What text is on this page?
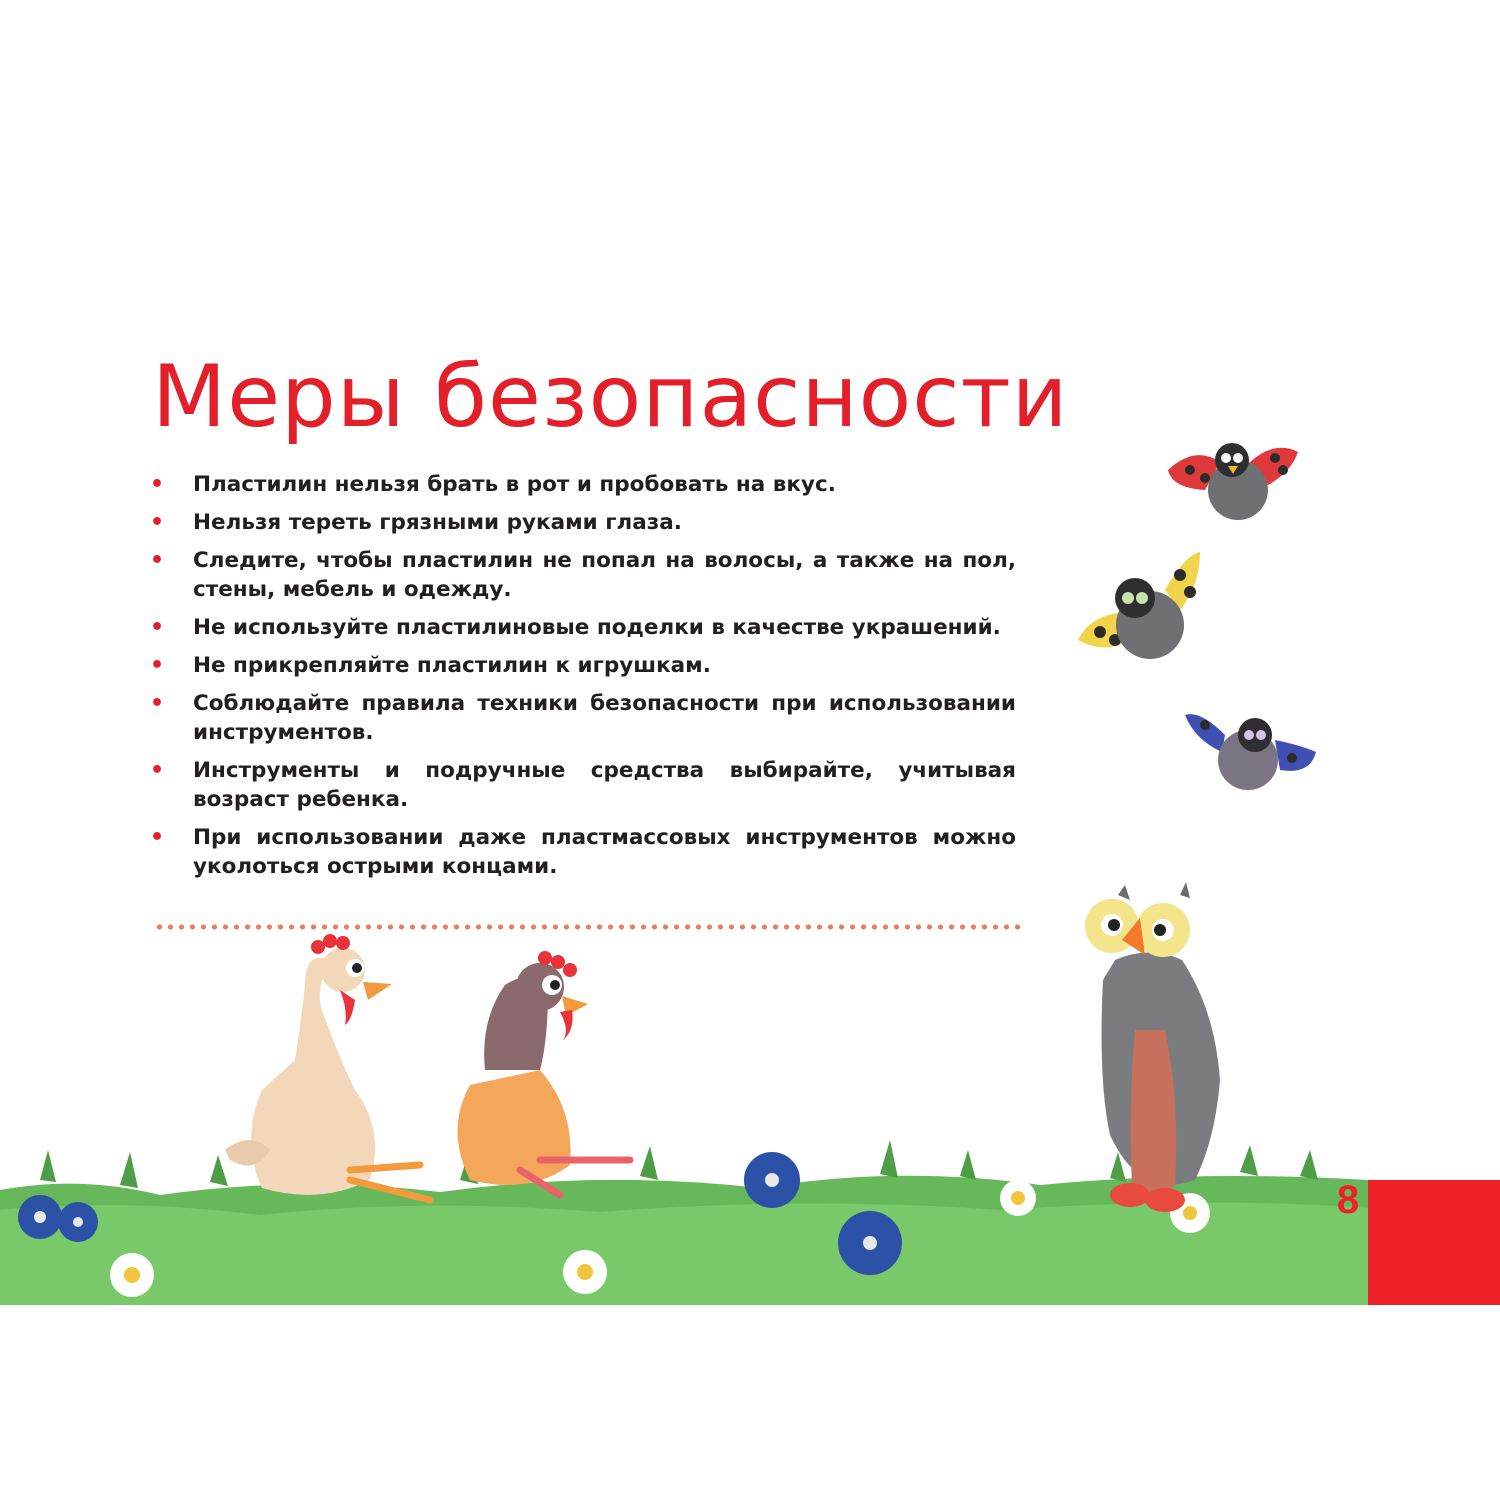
Меры безопасности
• Пластилин нельзя брать в рот и пробовать на вкус.
• Нельзя тереть грязными руками глаза.
• Следите, чтобы пластилин не попал на волосы, а также на пол, стены, мебель и одежду.
• Не используйте пластилиновые поделки в качестве украшений.
• Не прикрепляйте пластилин к игрушкам.
• Соблюдайте правила техники безопасности при использовании инструментов.
• Инструменты и подручные средства выбирайте, учитывая возраст ребенка.
• При использовании даже пластмассовых инструментов можно уколоться острыми концами.
8
